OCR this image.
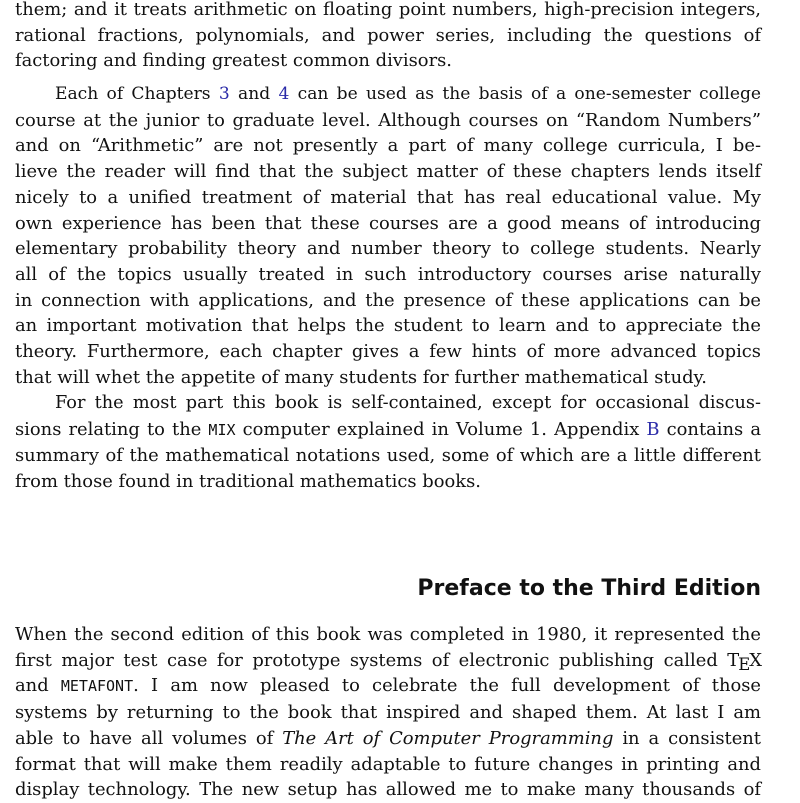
them; and it treats arithmetic on floating point numbers, high-precision integers,
rational fractions, polynomials, and power series, including the questions of
factoring and finding greatest common divisors.
Each of Chapters 3 and 4 can be used as the basis of a one-semester college
course at the junior to graduate level. Although courses on “Random Numbers”
and on “Arithmetic” are not presently a part of many college curricula, I be-
lieve the reader will find that the subject matter of these chapters lends itself
nicely to a unified treatment of material that has real educational value. My
own experience has been that these courses are a good means of introducing
elementary probability theory and number theory to college students. Nearly
all of the topics usually treated in such introductory courses arise naturally
in connection with applications, and the presence of these applications can be
an important motivation that helps the student to learn and to appreciate the
theory. Furthermore, each chapter gives a few hints of more advanced topics
that will whet the appetite of many students for further mathematical study.
For the most part this book is self-contained, except for occasional discus-
sions relating to the MIX computer explained in Volume 1. Appendix B contains a
summary of the mathematical notations used, some of which are a little different
from those found in traditional mathematics books.
Preface to the Third Edition
When the second edition of this book was completed in 1980, it represented the
first major test case for prototype systems of electronic publishing called TEX
and METAFONT. I am now pleased to celebrate the full development of those
systems by returning to the book that inspired and shaped them. At last I am
able to have all volumes of The Art of Computer Programming in a consistent
format that will make them readily adaptable to future changes in printing and
display technology. The new setup has allowed me to make many thousands of
